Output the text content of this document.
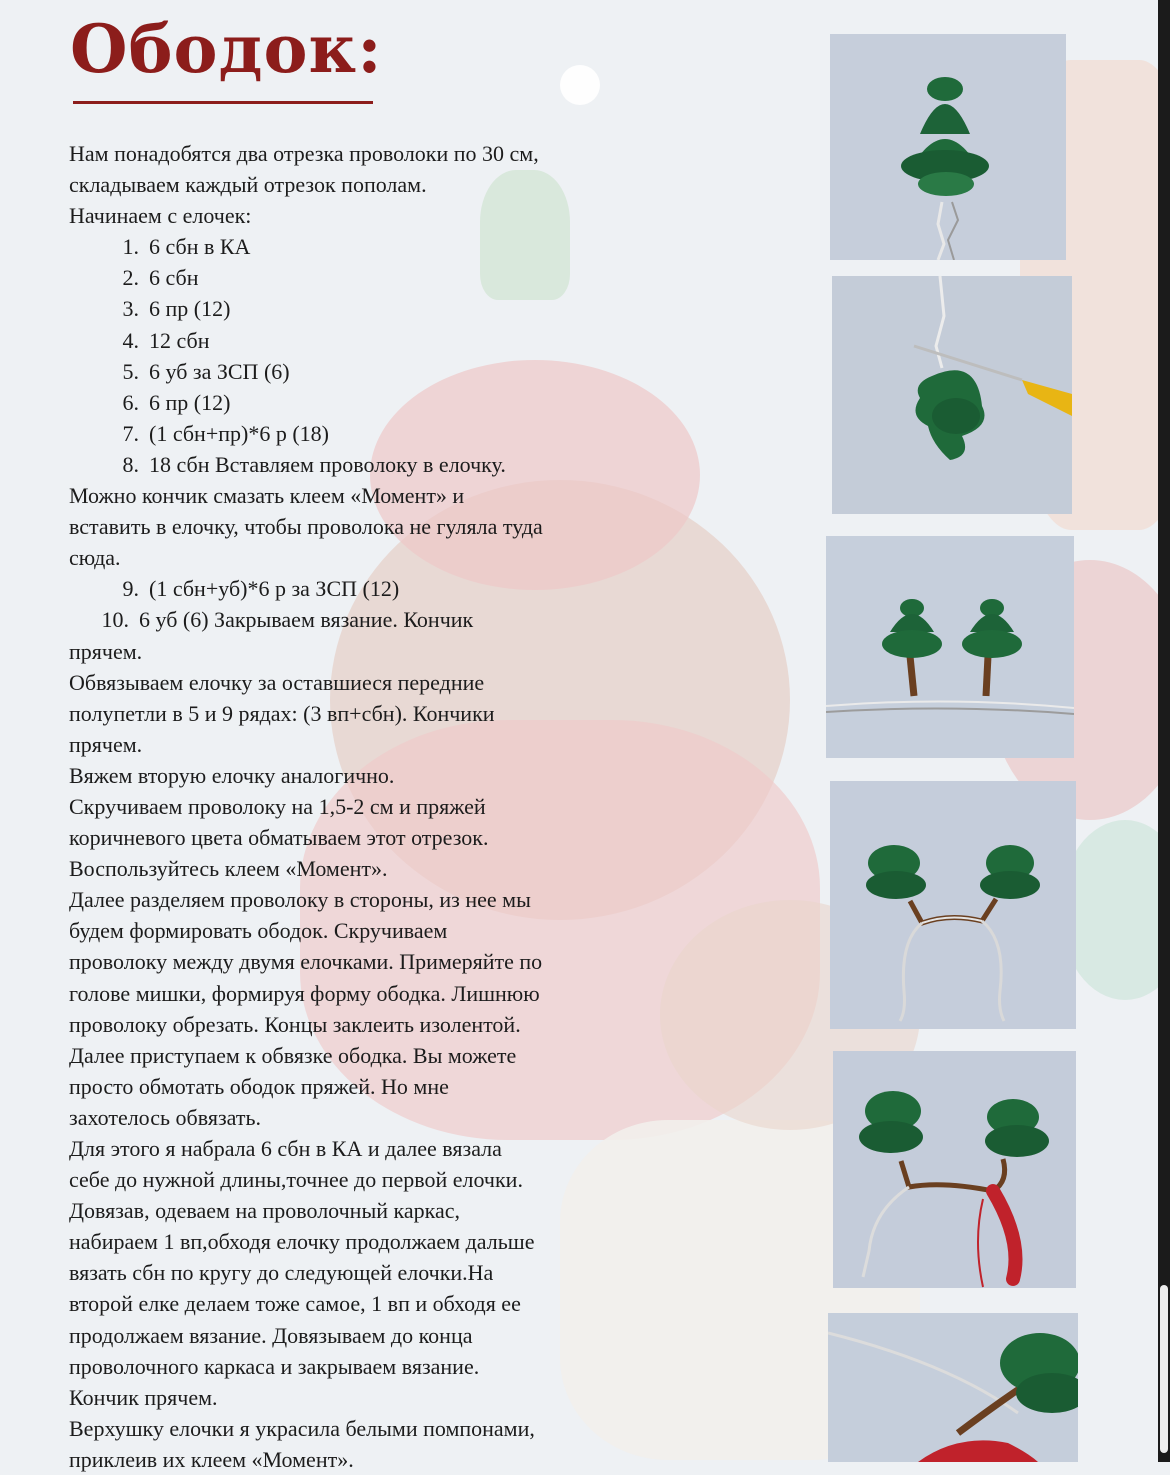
Ободок:
Нам понадобятся два отрезка проволоки по 30 см,
складываем каждый отрезок пополам.
Начинаем с елочек:
1. 6 сбн в КА
2. 6 сбн
3. 6 пр (12)
4. 12 сбн
5. 6 уб за ЗСП (6)
6. 6 пр (12)
7. (1 сбн+пр)*6 р (18)
8. 18 сбн Вставляем проволоку в елочку.
Можно кончик смазать клеем «Момент» и
вставить в елочку, чтобы проволока не гуляла туда
сюда.
9. (1 сбн+уб)*6 р за ЗСП (12)
10. 6 уб (6) Закрываем вязание. Кончик
прячем.
Обвязываем елочку за оставшиеся передние
полупетли в 5 и 9 рядах: (3 вп+сбн). Кончики
прячем.
Вяжем вторую елочку аналогично.
Скручиваем проволоку на 1,5-2 см и пряжей
коричневого цвета обматываем этот отрезок.
Воспользуйтесь клеем «Момент».
Далее разделяем проволоку в стороны, из нее мы
будем формировать ободок. Скручиваем
проволоку между двумя елочками. Примеряйте по
голове мишки, формируя форму ободка. Лишнюю
проволоку обрезать. Концы заклеить изолентой.
Далее приступаем к обвязке ободка. Вы можете
просто обмотать ободок пряжей. Но мне
захотелось обвязать.
Для этого я набрала 6 сбн в КА и далее вязала
себе до нужной длины,точнее до первой елочки.
Довязав, одеваем на проволочный каркас,
набираем 1 вп,обходя елочку продолжаем дальше
вязать сбн по кругу до следующей елочки.На
второй елке делаем тоже самое, 1 вп и обходя ее
продолжаем вязание. Довязываем до конца
проволочного каркаса и закрываем вязание.
Кончик прячем.
Верхушку елочки я украсила белыми помпонами,
приклеив их клеем «Момент».
